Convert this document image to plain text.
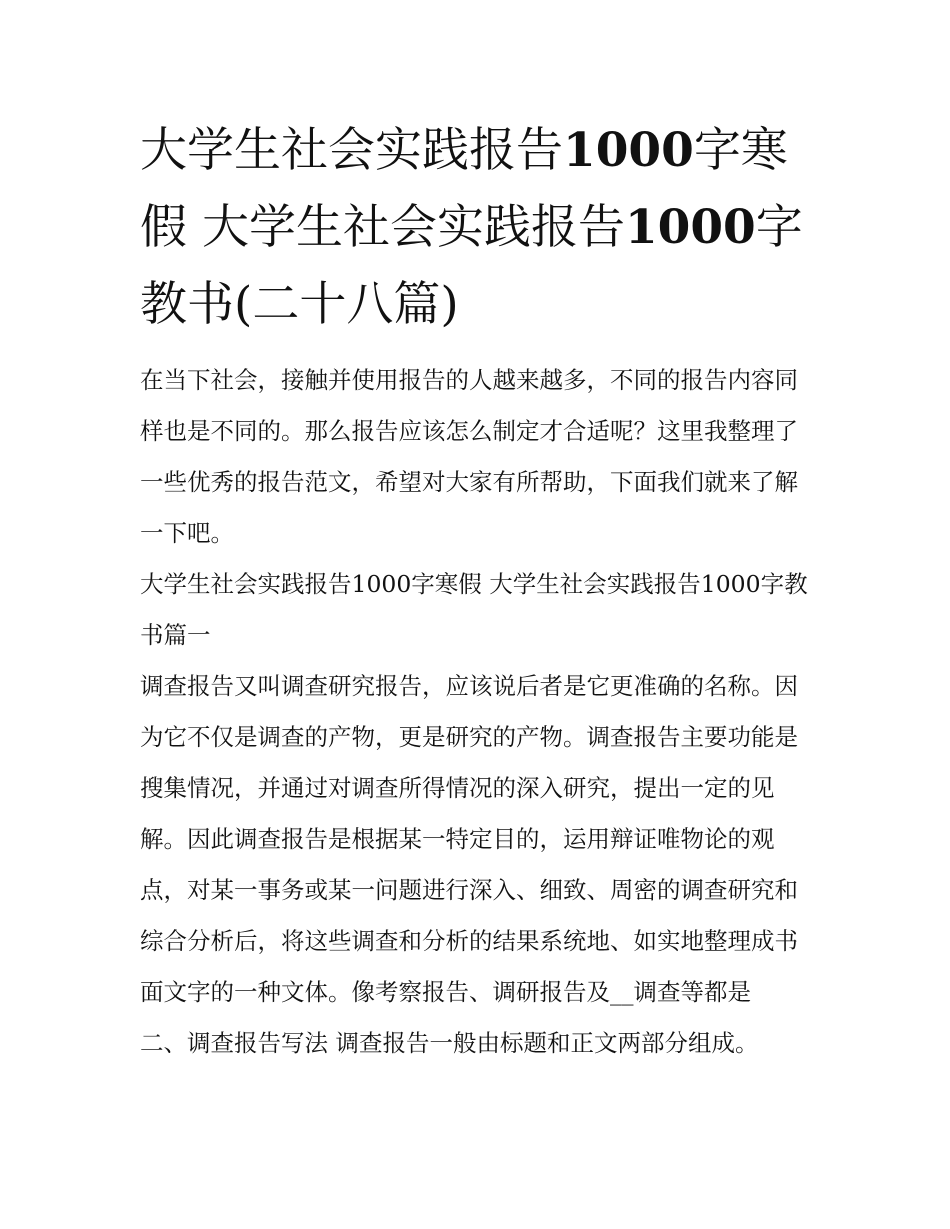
大学生社会实践报告1000字寒假 大学生社会实践报告1000字教书(二十八篇)

在当下社会，接触并使用报告的人越来越多，不同的报告内容同样也是不同的。那么报告应该怎么制定才合适呢？这里我整理了一些优秀的报告范文，希望对大家有所帮助，下面我们就来了解一下吧。

大学生社会实践报告1000字寒假 大学生社会实践报告1000字教书篇一

调查报告又叫调查研究报告，应该说后者是它更准确的名称。因为它不仅是调查的产物，更是研究的产物。调查报告主要功能是搜集情况，并通过对调查所得情况的深入研究，提出一定的见解。因此调查报告是根据某一特定目的，运用辩证唯物论的观点，对某一事务或某一问题进行深入、细致、周密的调查研究和综合分析后，将这些调查和分析的结果系统地、如实地整理成书面文字的一种文体。像考察报告、调研报告及__调查等都是

二、调查报告写法 调查报告一般由标题和正文两部分组成。
